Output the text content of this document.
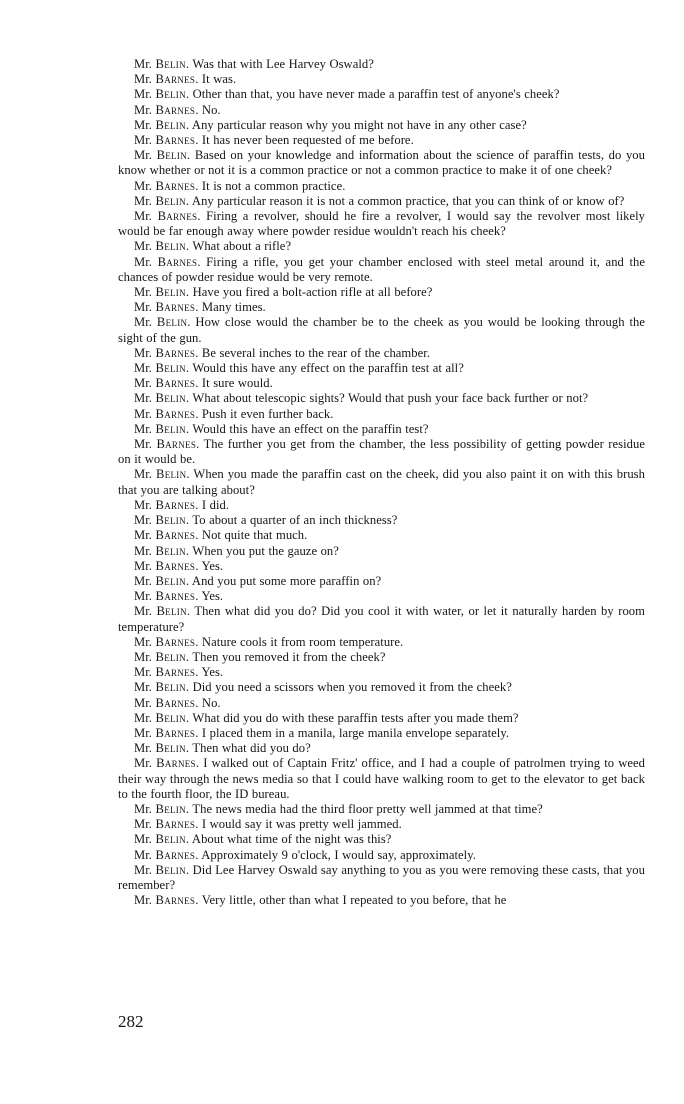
Mr. Belin. Was that with Lee Harvey Oswald?

Mr. Barnes. It was.

Mr. Belin. Other than that, you have never made a paraffin test of anyone's cheek?

Mr. Barnes. No.

Mr. Belin. Any particular reason why you might not have in any other case?

Mr. Barnes. It has never been requested of me before.

Mr. Belin. Based on your knowledge and information about the science of paraffin tests, do you know whether or not it is a common practice or not a common practice to make it of one cheek?

Mr. Barnes. It is not a common practice.

Mr. Belin. Any particular reason it is not a common practice, that you can think of or know of?

Mr. Barnes. Firing a revolver, should he fire a revolver, I would say the revolver most likely would be far enough away where powder residue wouldn't reach his cheek?

Mr. Belin. What about a rifle?

Mr. Barnes. Firing a rifle, you get your chamber enclosed with steel metal around it, and the chances of powder residue would be very remote.

Mr. Belin. Have you fired a bolt-action rifle at all before?

Mr. Barnes. Many times.

Mr. Belin. How close would the chamber be to the cheek as you would be looking through the sight of the gun.

Mr. Barnes. Be several inches to the rear of the chamber.

Mr. Belin. Would this have any effect on the paraffin test at all?

Mr. Barnes. It sure would.

Mr. Belin. What about telescopic sights? Would that push your face back further or not?

Mr. Barnes. Push it even further back.

Mr. Belin. Would this have an effect on the paraffin test?

Mr. Barnes. The further you get from the chamber, the less possibility of getting powder residue on it would be.

Mr. Belin. When you made the paraffin cast on the cheek, did you also paint it on with this brush that you are talking about?

Mr. Barnes. I did.

Mr. Belin. To about a quarter of an inch thickness?

Mr. Barnes. Not quite that much.

Mr. Belin. When you put the gauze on?

Mr. Barnes. Yes.

Mr. Belin. And you put some more paraffin on?

Mr. Barnes. Yes.

Mr. Belin. Then what did you do? Did you cool it with water, or let it naturally harden by room temperature?

Mr. Barnes. Nature cools it from room temperature.

Mr. Belin. Then you removed it from the cheek?

Mr. Barnes. Yes.

Mr. Belin. Did you need a scissors when you removed it from the cheek?

Mr. Barnes. No.

Mr. Belin. What did you do with these paraffin tests after you made them?

Mr. Barnes. I placed them in a manila, large manila envelope separately.

Mr. Belin. Then what did you do?

Mr. Barnes. I walked out of Captain Fritz' office, and I had a couple of patrolmen trying to weed their way through the news media so that I could have walking room to get to the elevator to get back to the fourth floor, the ID bureau.

Mr. Belin. The news media had the third floor pretty well jammed at that time?

Mr. Barnes. I would say it was pretty well jammed.

Mr. Belin. About what time of the night was this?

Mr. Barnes. Approximately 9 o'clock, I would say, approximately.

Mr. Belin. Did Lee Harvey Oswald say anything to you as you were removing these casts, that you remember?

Mr. Barnes. Very little, other than what I repeated to you before, that he

282
